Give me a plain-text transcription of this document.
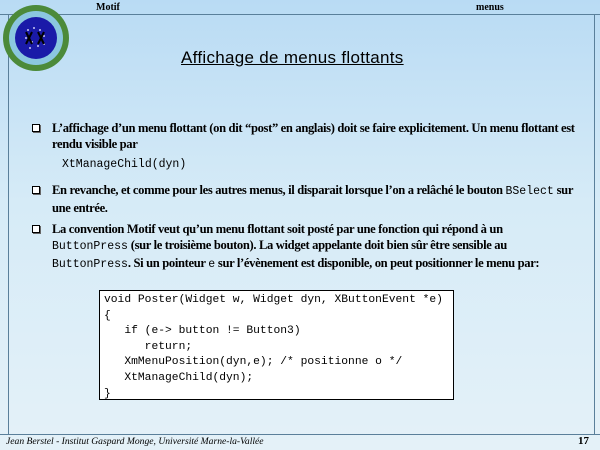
Motif	menus
Affichage de menus flottants
L’affichage d’un menu flottant (on dit “post” en anglais) doit se faire explicitement. Un menu flottant est rendu visible par
XtManageChild(dyn)
En revanche, et comme pour les autres menus, il disparait lorsque l’on a relâché le bouton BSelect sur une entrée.
La convention Motif veut qu’un menu flottant soit posté par une fonction qui répond à un ButtonPress (sur le troisième bouton). La widget appelante doit bien sûr être sensible au ButtonPress. Si un pointeur e sur l’évènement est disponible, on peut positionner le menu par:
void Poster(Widget w, Widget dyn, XButtonEvent *e)
{
if (e-> button != Button3)
return;
XmMenuPosition(dyn,e); /* positionne o */
XtManageChild(dyn);
}
Jean Berstel - Institut Gaspard Monge, Université Marne-la-Vallée	17
